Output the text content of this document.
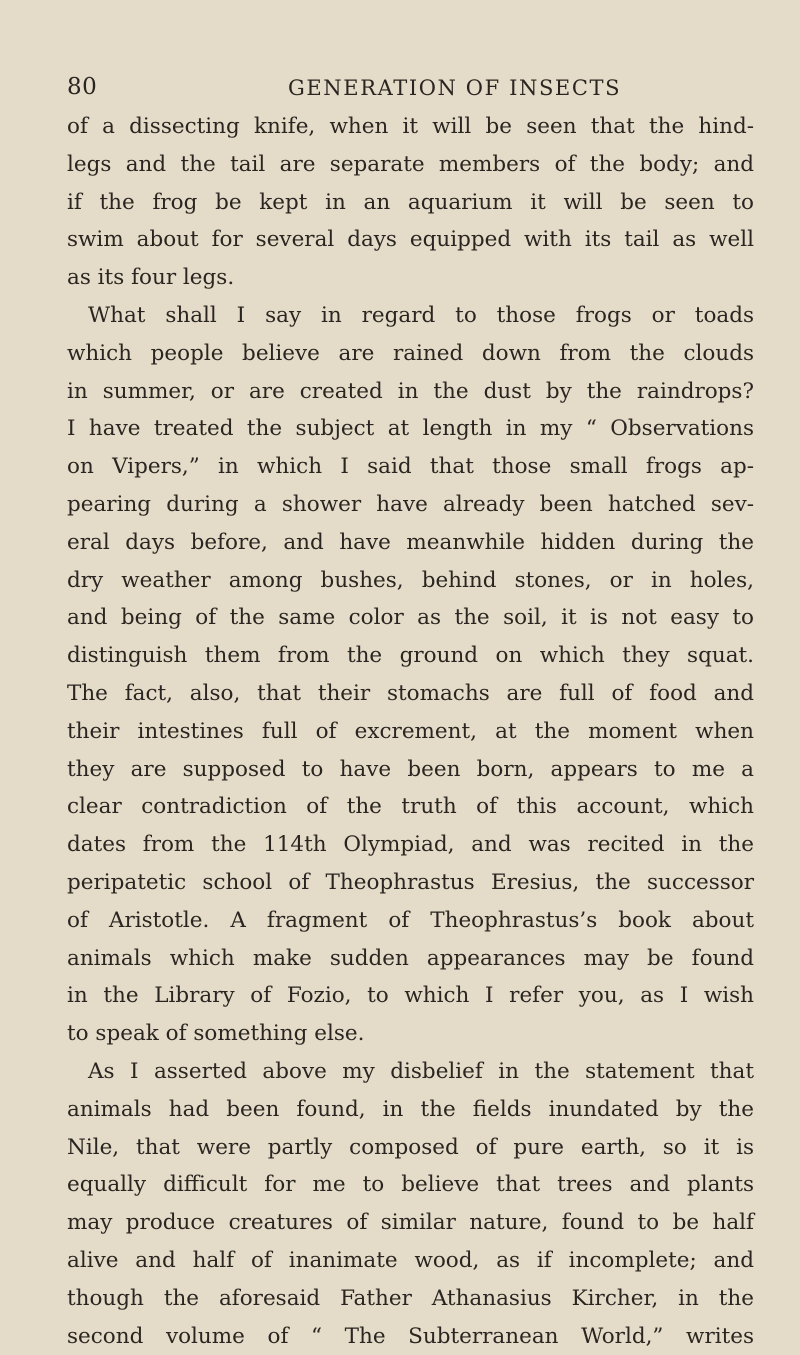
80	GENERATION OF INSECTS
of a dissecting knife, when it will be seen that the hind-
legs and the tail are separate members of the body; and
if the frog be kept in an aquarium it will be seen to
swim about for several days equipped with its tail as well
as its four legs.
What shall I say in regard to those frogs or toads
which people believe are rained down from the clouds
in summer, or are created in the dust by the raindrops?
I have treated the subject at length in my “ Observations
on Vipers,” in which I said that those small frogs ap-
pearing during a shower have already been hatched sev-
eral days before, and have meanwhile hidden during the
dry weather among bushes, behind stones, or in holes,
and being of the same color as the soil, it is not easy to
distinguish them from the ground on which they squat.
The fact, also, that their stomachs are full of food and
their intestines full of excrement, at the moment when
they are supposed to have been born, appears to me a
clear contradiction of the truth of this account, which
dates from the 114th Olympiad, and was recited in the
peripatetic school of Theophrastus Eresius, the successor
of Aristotle. A fragment of Theophrastus’s book about
animals which make sudden appearances may be found
in the Library of Fozio, to which I refer you, as I wish
to speak of something else.
As I asserted above my disbelief in the statement that
animals had been found, in the fields inundated by the
Nile, that were partly composed of pure earth, so it is
equally difficult for me to believe that trees and plants
may produce creatures of similar nature, found to be half
alive and half of inanimate wood, as if incomplete; and
though the aforesaid Father Athanasius Kircher, in the
second volume of “ The Subterranean World,” writes
